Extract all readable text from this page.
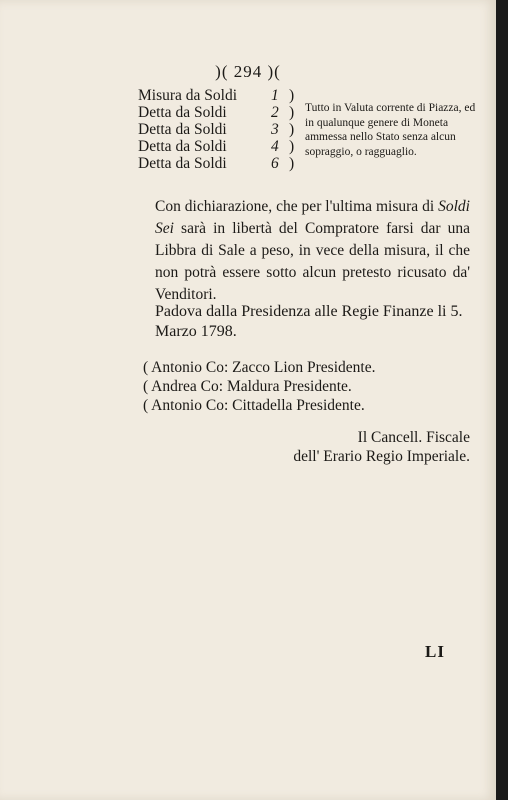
)( 294 )(
Misura da Soldi	1 )
Detta da Soldi	2 )
Detta da Soldi	3 )
Detta da Soldi	4 )
Detta da Soldi	6 )
Tutto in Valuta corrente di Piazza, ed in qualunque genere di Moneta ammessa nello Stato senza alcun sopraggio, o ragguaglio.
Con dichiarazione, che per l'ultima misura di Soldi Sei sarà in libertà del Compratore farsi dar una Libbra di Sale a peso, in vece della misura, il che non potrà essere sotto alcun pretesto ricusato da' Venditori.
Padova dalla Presidenza alle Regie Finanze li 5. Marzo 1798.
( Antonio Co: Zacco Lion Presidente.
( Andrea Co: Maldura Presidente.
( Antonio Co: Cittadella Presidente.
Il Cancell. Fiscale
dell' Erario Regio Imperiale.
LI
